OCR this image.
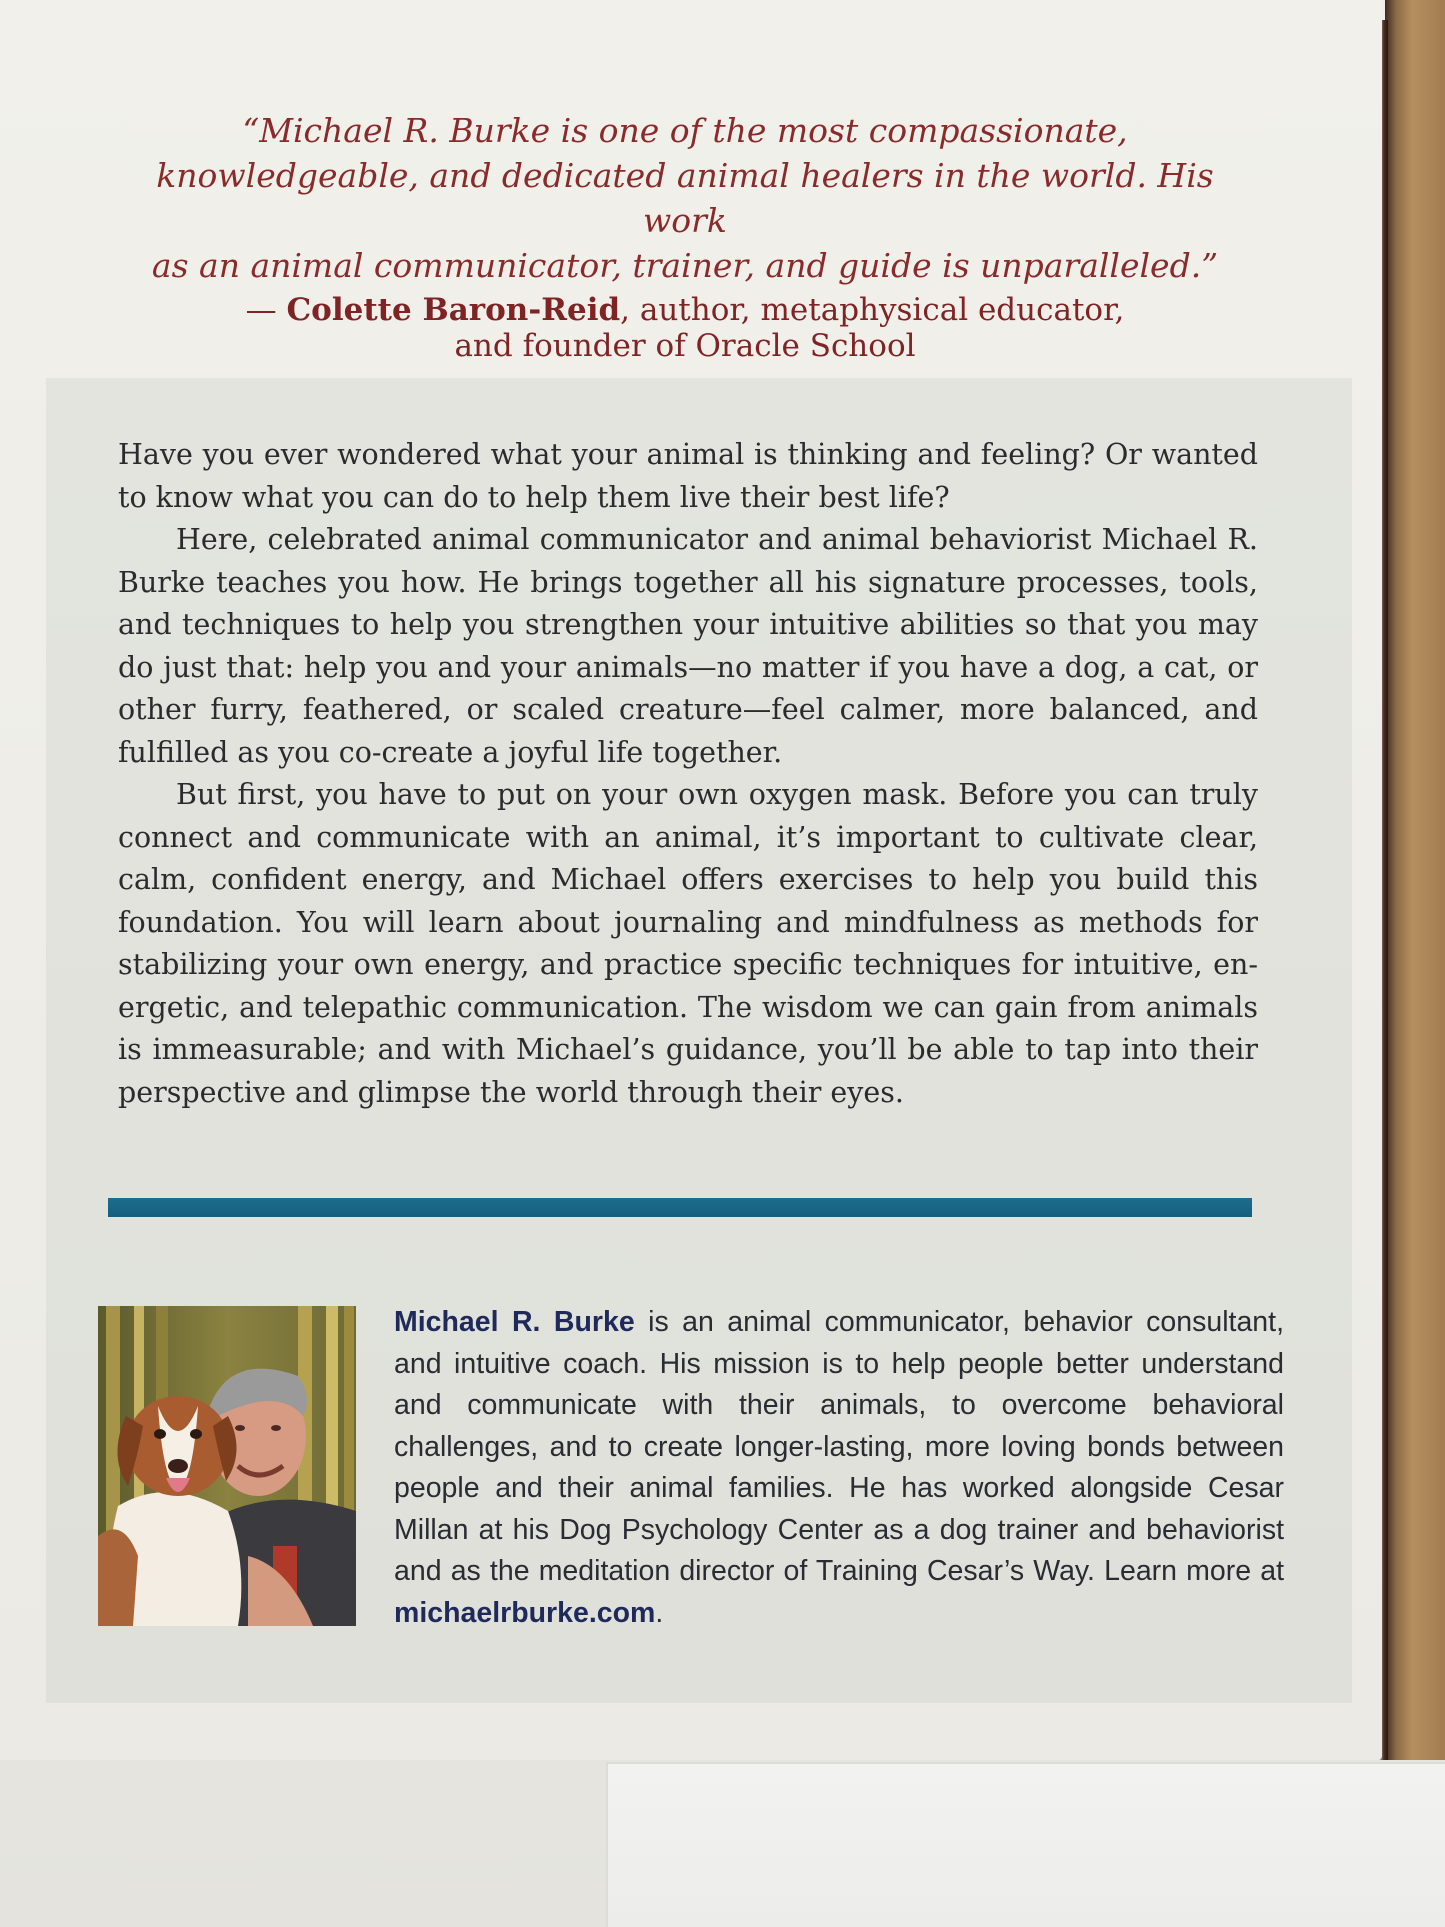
“Michael R. Burke is one of the most compassionate,
knowledgeable, and dedicated animal healers in the world. His work
as an animal communicator, trainer, and guide is unparalleled.”

— Colette Baron-Reid, author, metaphysical educator,
and founder of Oracle School

Have you ever wondered what your animal is thinking and feeling? Or wanted to know what you can do to help them live their best life?

Here, celebrated animal communicator and animal behaviorist Michael R. Burke teaches you how. He brings together all his signature processes, tools, and techniques to help you strengthen your intuitive abilities so that you may do just that: help you and your animals—no matter if you have a dog, a cat, or other furry, feathered, or scaled creature—feel calmer, more balanced, and fulfilled as you co-create a joyful life together.

But first, you have to put on your own oxygen mask. Before you can truly connect and communicate with an animal, it’s important to cultivate clear, calm, confident energy, and Michael offers exercises to help you build this foundation. You will learn about journaling and mindfulness as methods for stabilizing your own energy, and practice specific techniques for intuitive, en- ergetic, and telepathic communication. The wisdom we can gain from animals is immeasurable; and with Michael’s guidance, you’ll be able to tap into their perspective and glimpse the world through their eyes.

Michael R. Burke is an animal communicator, behavior consultant, and intuitive coach. His mission is to help people better understand and communicate with their animals, to overcome behavioral challenges, and to create longer-lasting, more loving bonds between people and their animal families. He has worked alongside Cesar Millan at his Dog Psychology Center as a dog trainer and behaviorist and as the meditation director of Training Cesar’s Way. Learn more at michaelrburke.com.
